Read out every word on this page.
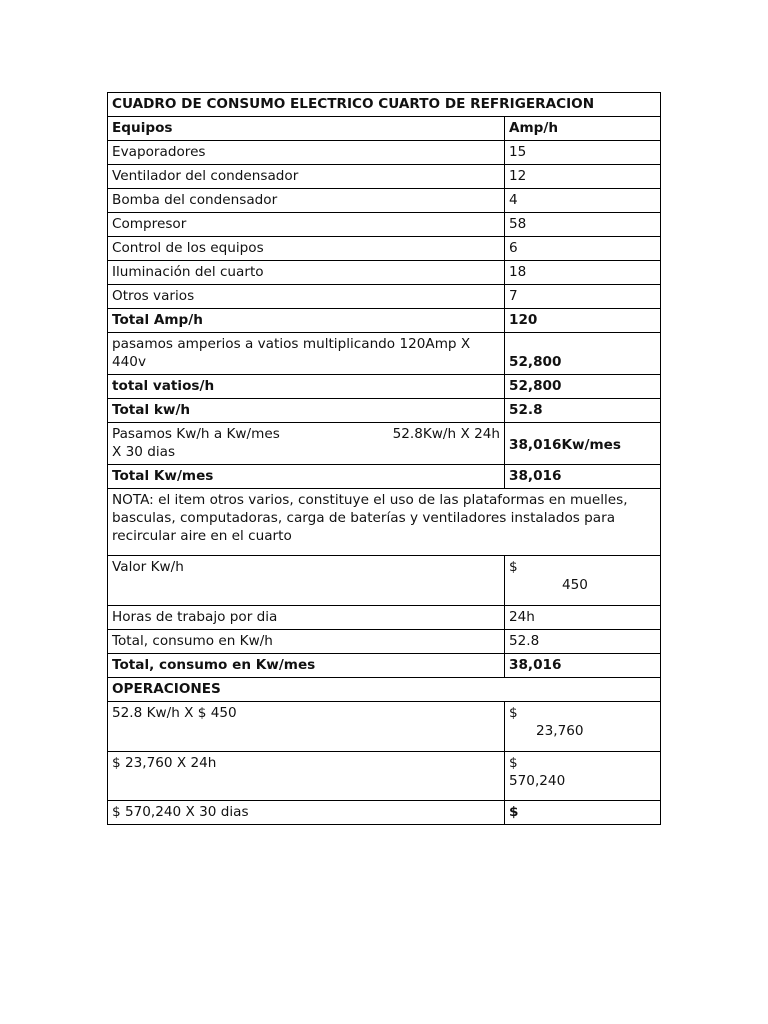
CUADRO DE CONSUMO ELECTRICO CUARTO DE REFRIGERACION	
Equipos	Amp/h
Evaporadores	15
Ventilador del condensador	12
Bomba del condensador	4
Compresor	58
Control de los equipos	6
Iluminación del cuarto	18
Otros varios	7
Total Amp/h	120
pasamos amperios a vatios multiplicando 120Amp X 440v	52,800
total vatios/h	52,800
Total kw/h	52.8

Pasamos Kw/h a Kw/mes 52.8Kw/h X 24h
X 30 dias	38,016Kw/mes
Total Kw/mes	38,016
NOTA: el item otros varios, constituye el uso de las plataformas en muelles, basculas, computadoras, carga de baterías y ventiladores instalados para recircular aire en el cuarto	
Valor Kw/h	$
450

Horas de trabajo por dia	24h
Total, consumo en Kw/h	52.8
Total, consumo en Kw/mes	38,016
OPERACIONES	
52.8 Kw/h X $ 450	$
23,760

$ 23,760 X 24h	$
570,240

$ 570,240 X 30 dias	$
